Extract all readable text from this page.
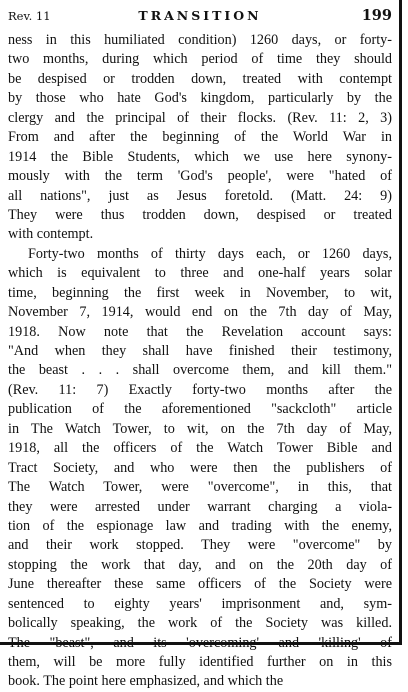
Rev. 11	TRANSITION	199
ness in this humiliated condition) 1260 days, or forty-
two months, during which period of time they should
be despised or trodden down, treated with contempt
by those who hate God's kingdom, particularly by the
clergy and the principal of their flocks. (Rev. 11: 2, 3)
From and after the beginning of the World War in
1914 the Bible Students, which we use here synony-
mously with the term 'God's people', were "hated of
all nations", just as Jesus foretold. (Matt. 24: 9)
They were thus trodden down, despised or treated
with contempt.
Forty-two months of thirty days each, or 1260 days,
which is equivalent to three and one-half years solar
time, beginning the first week in November, to wit,
November 7, 1914, would end on the 7th day of May,
1918. Now note that the Revelation account says:
"And when they shall have finished their testimony,
the beast . . . shall overcome them, and kill them."
(Rev. 11: 7) Exactly forty-two months after the
publication of the aforementioned "sackcloth" article
in The Watch Tower, to wit, on the 7th day of May,
1918, all the officers of the Watch Tower Bible and
Tract Society, and who were then the publishers of
The Watch Tower, were "overcome", in this, that
they were arrested under warrant charging a viola-
tion of the espionage law and trading with the enemy,
and their work stopped. They were "overcome" by
stopping the work that day, and on the 20th day of
June thereafter these same officers of the Society were
sentenced to eighty years' imprisonment and, sym-
bolically speaking, the work of the Society was killed.
The "beast", and its 'overcoming' and 'killing' of
them, will be more fully identified further on in this
book. The point here emphasized, and which the
